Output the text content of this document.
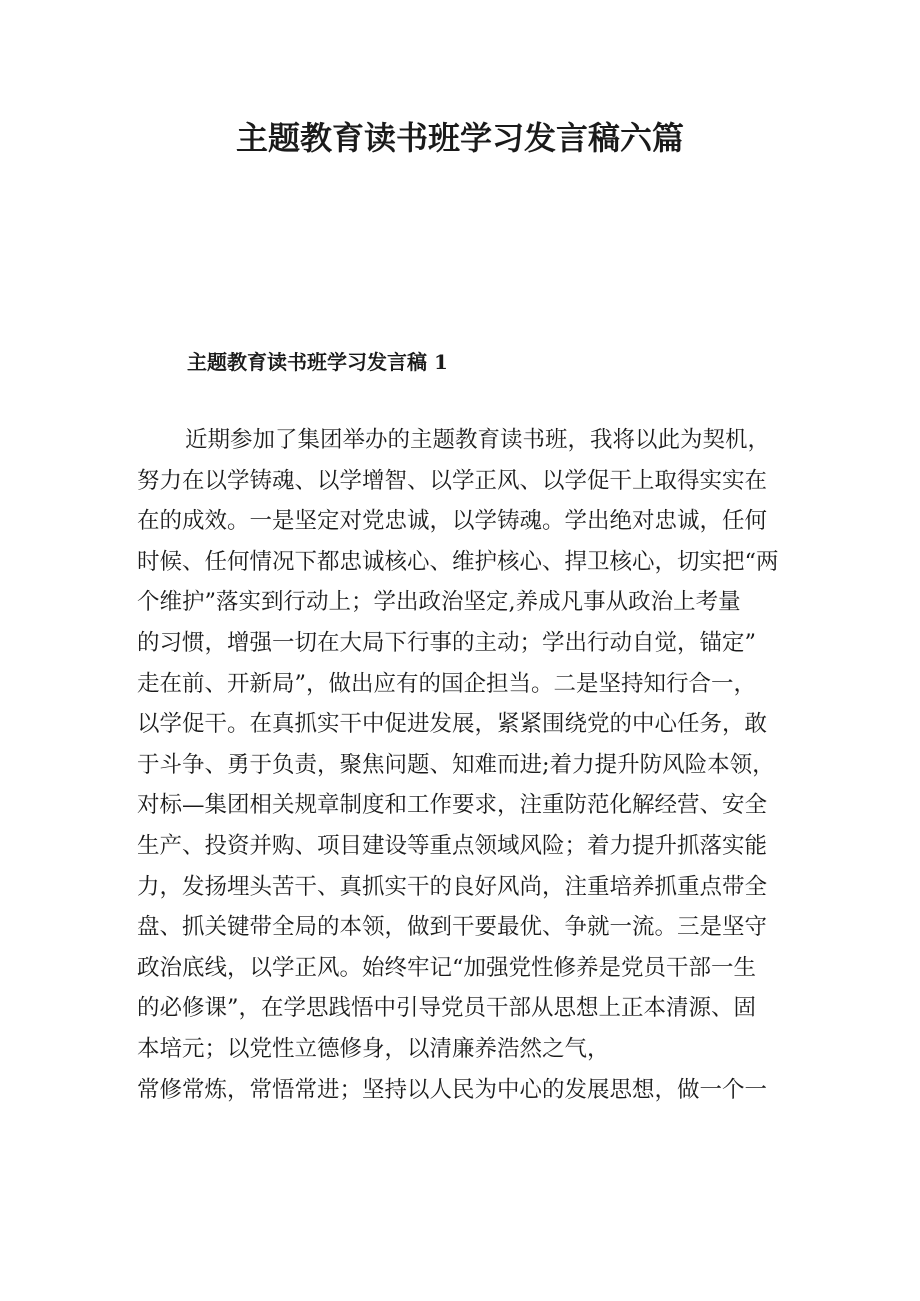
主题教育读书班学习发言稿六篇
主题教育读书班学习发言稿 1
近期参加了集团举办的主题教育读书班，我将以此为契机，
努力在以学铸魂、以学增智、以学正风、以学促干上取得实实在
在的成效。一是坚定对党忠诚，以学铸魂。学出绝对忠诚，任何
时候、任何情况下都忠诚核心、维护核心、捍卫核心，切实把“两
个维护”落实到行动上；学出政治坚定,养成凡事从政治上考量
的习惯，增强一切在大局下行事的主动；学出行动自觉，锚定”
走在前、开新局”，做出应有的国企担当。二是坚持知行合一，
以学促干。在真抓实干中促进发展，紧紧围绕党的中心任务，敢
于斗争、勇于负责，聚焦问题、知难而进;着力提升防风险本领，
对标—集团相关规章制度和工作要求，注重防范化解经营、安全
生产、投资并购、项目建设等重点领域风险；着力提升抓落实能
力，发扬埋头苦干、真抓实干的良好风尚，注重培养抓重点带全
盘、抓关键带全局的本领，做到干要最优、争就一流。三是坚守
政治底线，以学正风。始终牢记“加强党性修养是党员干部一生
的必修课”，在学思践悟中引导党员干部从思想上正本清源、固
本培元；以党性立德修身，以清廉养浩然之气，
常修常炼，常悟常进；坚持以人民为中心的发展思想，做一个一
